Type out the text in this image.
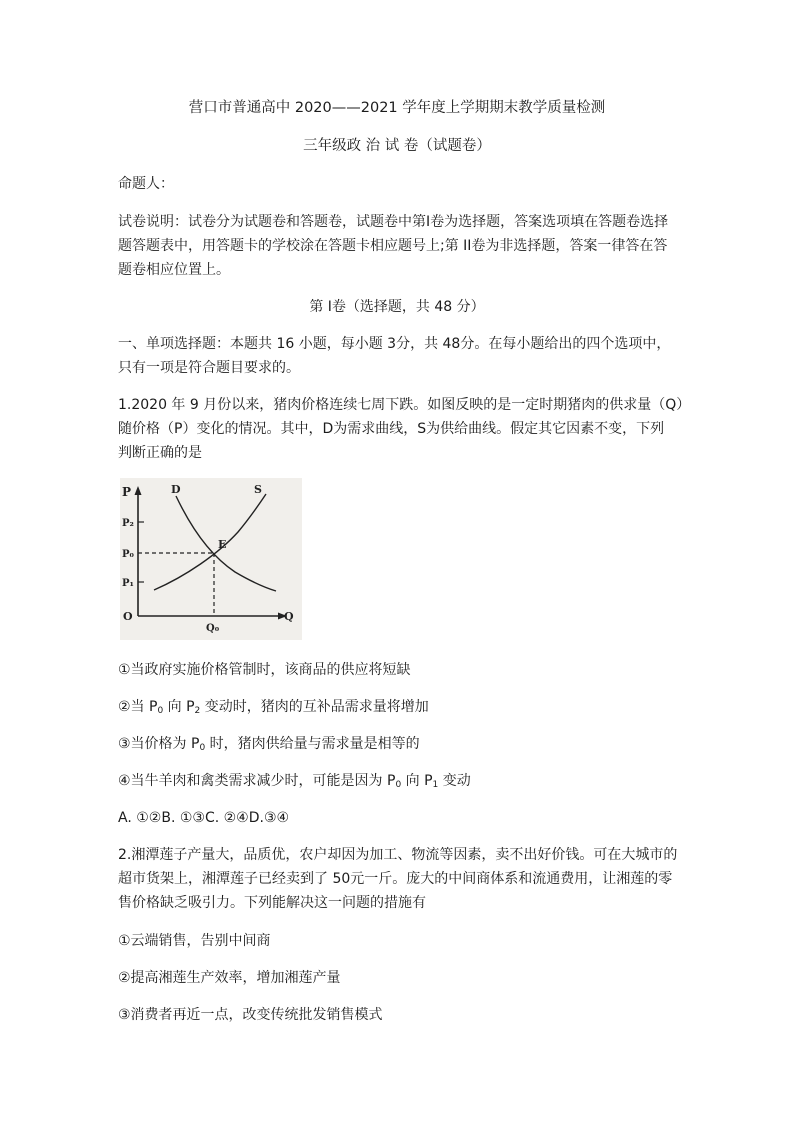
营口市普通高中 2020——2021 学年度上学期期末教学质量检测
三年级政 治 试 卷（试题卷）
命题人：
试卷说明：试卷分为试题卷和答题卷，试题卷中第Ⅰ卷为选择题，答案选项填在答题卷选择
题答题表中，用答题卡的学校涂在答题卡相应题号上;第 II卷为非选择题，答案一律答在答
题卷相应位置上。
第 Ⅰ卷（选择题，共 48 分）
一、单项选择题：本题共 16 小题，每小题 3分，共 48分。在每小题给出的四个选项中，
只有一项是符合题目要求的。
1.2020 年 9 月份以来，猪肉价格连续七周下跌。如图反映的是一定时期猪肉的供求量（Q）
随价格（P）变化的情况。其中，D为需求曲线，S为供给曲线。假定其它因素不变，下列
判断正确的是
P
Q
O
D	S
E
P₂
P₀
P₁
Q₀
①当政府实施价格管制时，该商品的供应将短缺
②当 $P_0$ 向 $P_2$ 变动时，猪肉的互补品需求量将增加
③当价格为 $P_0$ 时，猪肉供给量与需求量是相等的
④当牛羊肉和禽类需求减少时，可能是因为 $P_0$ 向 $P_1$ 变动
A. ①②B. ①③C. ②④D.③④
2.湘潭莲子产量大，品质优，农户却因为加工、物流等因素，卖不出好价钱。可在大城市的
超市货架上，湘潭莲子已经卖到了 50元一斤。庞大的中间商体系和流通费用，让湘莲的零
售价格缺乏吸引力。下列能解决这一问题的措施有
①云端销售，告别中间商
②提高湘莲生产效率，增加湘莲产量
③消费者再近一点，改变传统批发销售模式
